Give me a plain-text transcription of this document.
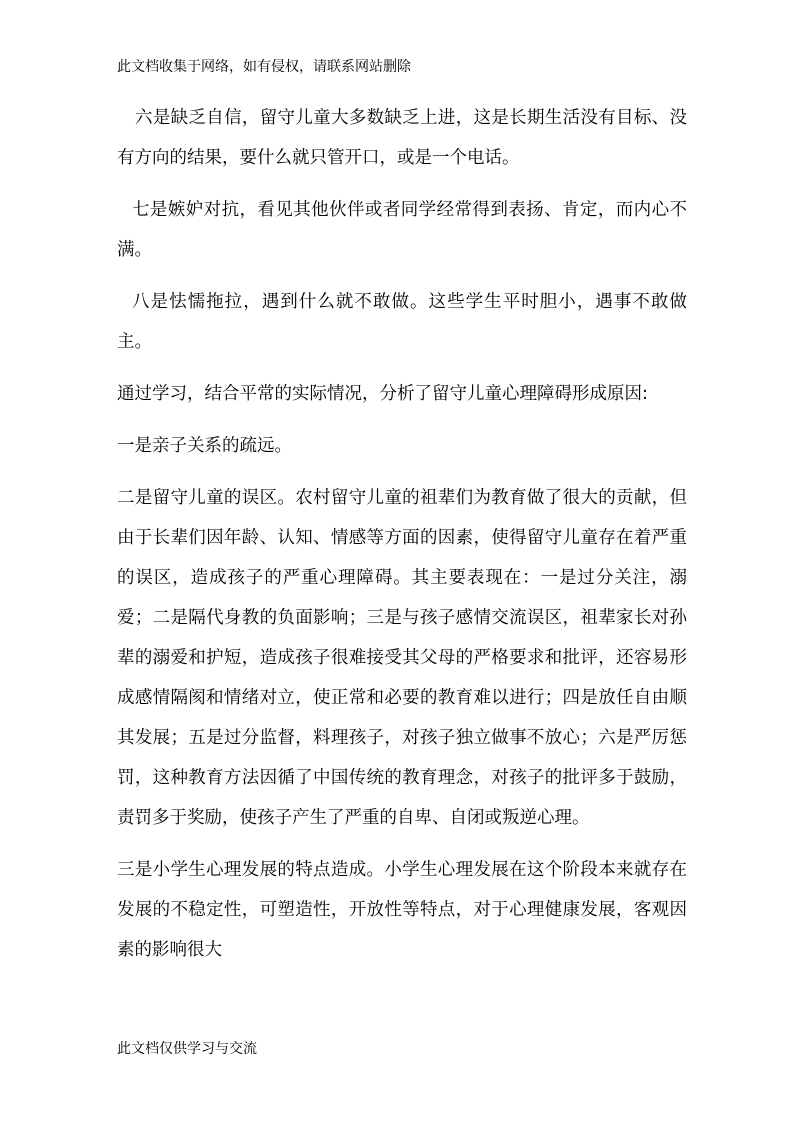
此文档收集于网络，如有侵权，请联系网站删除

六是缺乏自信，留守儿童大多数缺乏上进，这是长期生活没有目标、没有方向的结果，要什么就只管开口，或是一个电话。

七是嫉妒对抗，看见其他伙伴或者同学经常得到表扬、肯定，而内心不满。

八是怯懦拖拉，遇到什么就不敢做。这些学生平时胆小，遇事不敢做主。

通过学习，结合平常的实际情况，分析了留守儿童心理障碍形成原因:

一是亲子关系的疏远。

二是留守儿童的误区。农村留守儿童的祖辈们为教育做了很大的贡献，但由于长辈们因年龄、认知、情感等方面的因素，使得留守儿童存在着严重的误区，造成孩子的严重心理障碍。其主要表现在：一是过分关注，溺爱；二是隔代身教的负面影响；三是与孩子感情交流误区，祖辈家长对孙辈的溺爱和护短，造成孩子很难接受其父母的严格要求和批评，还容易形成感情隔阂和情绪对立，使正常和必要的教育难以进行；四是放任自由顺其发展；五是过分监督，料理孩子，对孩子独立做事不放心；六是严厉惩罚，这种教育方法因循了中国传统的教育理念，对孩子的批评多于鼓励，责罚多于奖励，使孩子产生了严重的自卑、自闭或叛逆心理。

三是小学生心理发展的特点造成。小学生心理发展在这个阶段本来就存在发展的不稳定性，可塑造性，开放性等特点，对于心理健康发展，客观因素的影响很大

此文档仅供学习与交流
